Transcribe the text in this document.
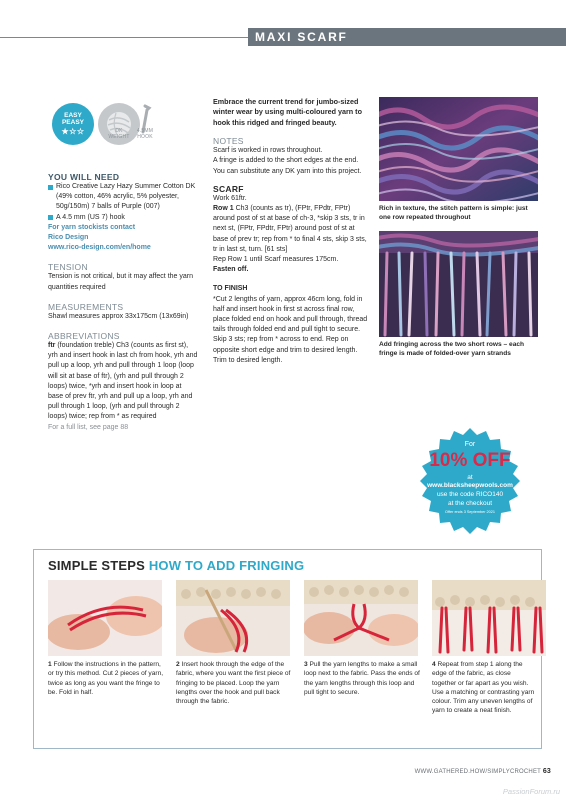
MAXI SCARF
EASY
PEASY
★☆☆	DK
WEIGHT
4.5MM
HOOK
YOU WILL NEED
Rico Creative Lazy Hazy Summer Cotton DK (49% cotton, 46% acrylic, 5% polyester, 50g/150m) 7 balls of Purple (007)
A 4.5 mm (US 7) hook
For yarn stockists contact
Rico Design
www.rico-design.com/en/home
TENSION
Tension is not critical, but it may affect the yarn quantities required
MEASUREMENTS
Shawl measures approx 33x175cm (13x69in)
ABBREVIATIONS
ftr (foundation treble) Ch3 (counts as first st), yrh and insert hook in last ch from hook, yrh and pull up a loop, yrh and pull through 1 loop (loop will sit at base of ftr), (yrh and pull through 2 loops) twice, *yrh and insert hook in loop at base of prev ftr, yrh and pull up a loop, yrh and pull through 1 loop, (yrh and pull through 2 loops) twice; rep from * as required
For a full list, see page 88
Embrace the current trend for jumbo-sized winter wear by using multi-coloured yarn to hook this ridged and fringed beauty.
NOTES
Scarf is worked in rows throughout.
A fringe is added to the short edges at the end.
You can substitute any DK yarn into this project.
SCARF
Work 61ftr.
Row 1 Ch3 (counts as tr), (FPtr, FPdtr, FPtr) around post of st at base of ch-3, *skip 3 sts, tr in next st, (FPtr, FPdtr, FPtr) around post of st at base of prev tr; rep from * to final 4 sts, skip 3 sts, tr in last st, turn. [61 sts]
Rep Row 1 until Scarf measures 175cm.
Fasten off.
TO FINISH
*Cut 2 lengths of yarn, approx 46cm long, fold in half and insert hook in first st across final row, place folded end on hook and pull through, thread tails through folded end and pull tight to secure. Skip 3 sts; rep from * across to end. Rep on opposite short edge and trim to desired length.
Trim to desired length.
Rich in texture, the stitch pattern is simple: just one row repeated throughout
Add fringing across the two short rows – each fringe is made of folded-over yarn strands
For
10% OFF
at
www.blacksheepwools.com
use the code RICO140
at the checkout
Offer ends 3 September 2021
SIMPLE STEPS HOW TO ADD FRINGING
1 Follow the instructions in the pattern, or try this method. Cut 2 pieces of yarn, twice as long as you want the fringe to be. Fold in half.
2 Insert hook through the edge of the fabric, where you want the first piece of fringing to be placed. Loop the yarn lengths over the hook and pull back through the fabric.
3 Pull the yarn lengths to make a small loop next to the fabric. Pass the ends of the yarn lengths through this loop and pull tight to secure.
4 Repeat from step 1 along the edge of the fabric, as close together or far apart as you wish. Use a matching or contrasting yarn colour. Trim any uneven lengths of yarn to create a neat finish.
WWW.GATHERED.HOW/SIMPLYCROCHET 63
PassionForum.ru
